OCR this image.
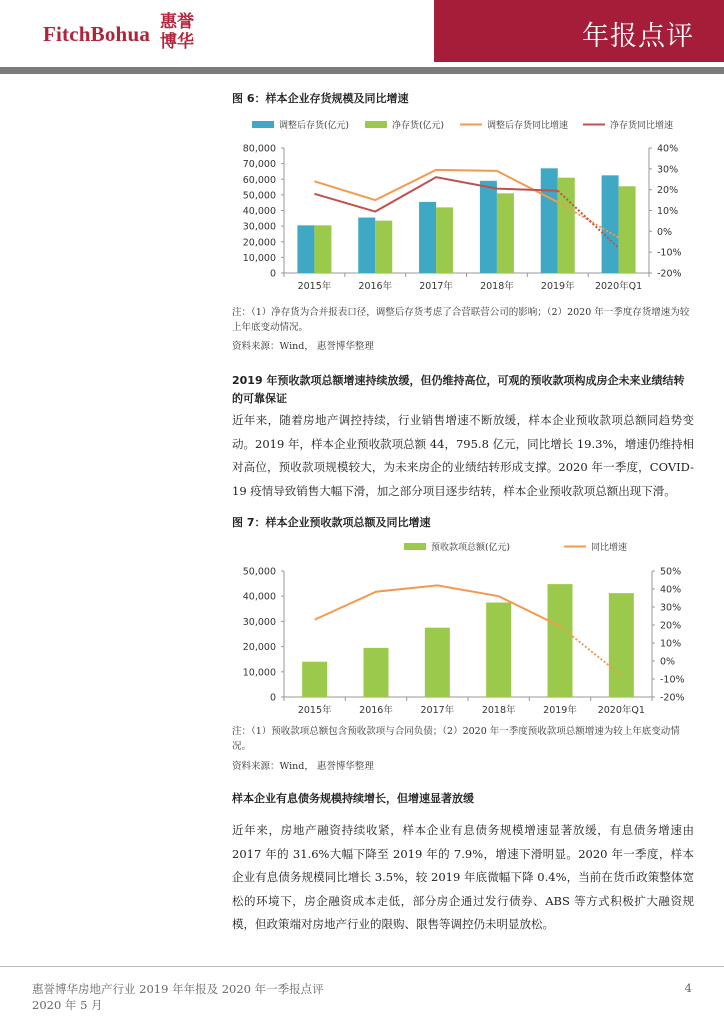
FitchBohua 惠誉博华	年报点评
图 6：样本企业存货规模及同比增速
调整后存货(亿元)	净存货(亿元)	调整后存货同比增速	净存货同比增速
80,000
70,000
60,000
50,000
40,000
30,000
20,000
10,000
0
40%
30%
20%
10%
0%
-10%
-20%
2015年	2016年	2017年	2018年	2019年 2020年Q1
注：（1）净存货为合并报表口径，调整后存货考虑了合营联营公司的影响；（2）2020 年一季度存货增速为较上年底变动情况。
资料来源：Wind， 惠誉博华整理
2019 年预收款项总额增速持续放缓，但仍维持高位，可观的预收款项构成房企未来业绩结转的可靠保证
近年来，随着房地产调控持续，行业销售增速不断放缓，样本企业预收款项总额同趋势变动。2019 年，样本企业预收款项总额 44，795.8 亿元，同比增长 19.3%，增速仍维持相对高位，预收款项规模较大，为未来房企的业绩结转形成支撑。2020 年一季度，COVID-19 疫情导致销售大幅下滑，加之部分项目逐步结转，样本企业预收款项总额出现下滑。
图 7：样本企业预收款项总额及同比增速
预收款项总额(亿元)	同比增速
50,000
40,000
30,000
20,000
10,000
0
50%
40%
30%
20%
10%
0%
-10%
-20%
2015年	2016年	2017年	2018年	2019年 2020年Q1
注：（1）预收款项总额包含预收款项与合同负债；（2）2020 年一季度预收款项总额增速为较上年底变动情况。
资料来源：Wind， 惠誉博华整理
样本企业有息债务规模持续增长，但增速显著放缓
近年来，房地产融资持续收紧，样本企业有息债务规模增速显著放缓，有息债务增速由 2017 年的 31.6%大幅下降至 2019 年的 7.9%，增速下滑明显。2020 年一季度，样本企业有息债务规模同比增长 3.5%，较 2019 年底微幅下降 0.4%，当前在货币政策整体宽松的环境下，房企融资成本走低，部分房企通过发行债券、ABS 等方式积极扩大融资规模，但政策端对房地产行业的限购、限售等调控仍未明显放松。
惠誉博华房地产行业 2019 年年报及 2020 年一季报点评
2020 年 5 月
4
